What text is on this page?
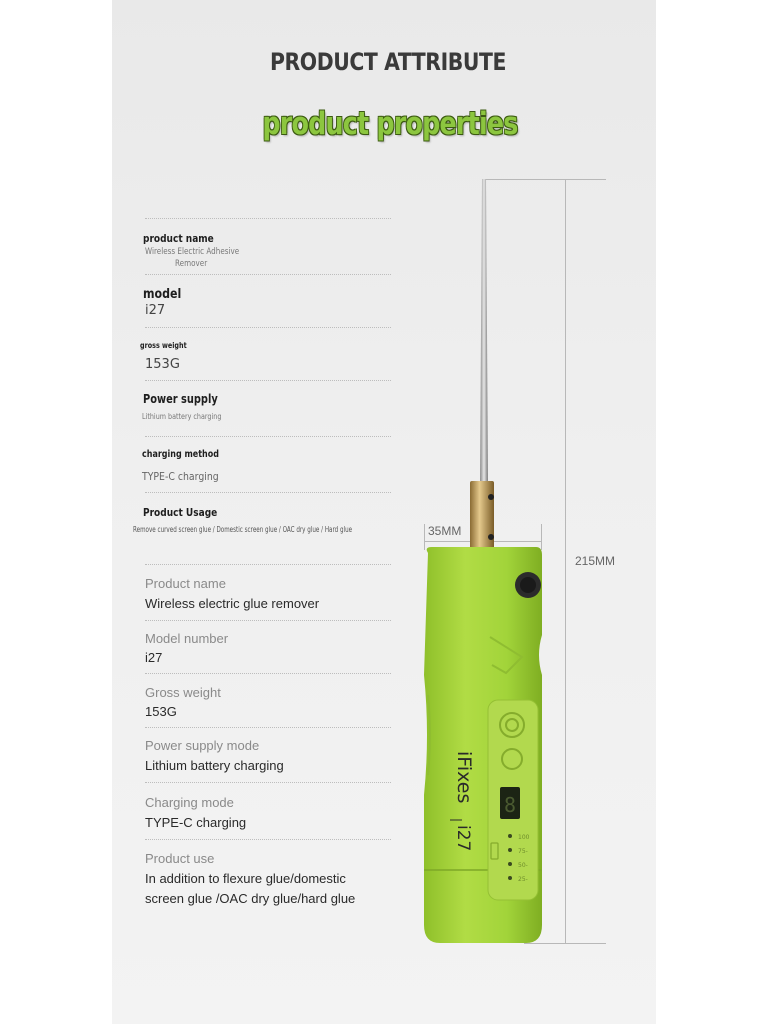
PRODUCT ATTRIBUTE
product properties
product name
Wireless Electric Adhesive
Remover
model
i27
gross weight
153G
Power supply
Lithium battery charging
charging method
TYPE-C charging
Product Usage
Remove curved screen glue / Domestic screen glue / OAC dry glue / Hard glue
Product name
Wireless electric glue remover
Model number
i27
Gross weight
153G
Power supply mode
Lithium battery charging
Charging mode
TYPE-C charging
Product use
In addition to flexure glue/domestic
screen glue /OAC dry glue/hard glue
215MM
35MM
8
100
75-
50-
25-
iFixes
i27
